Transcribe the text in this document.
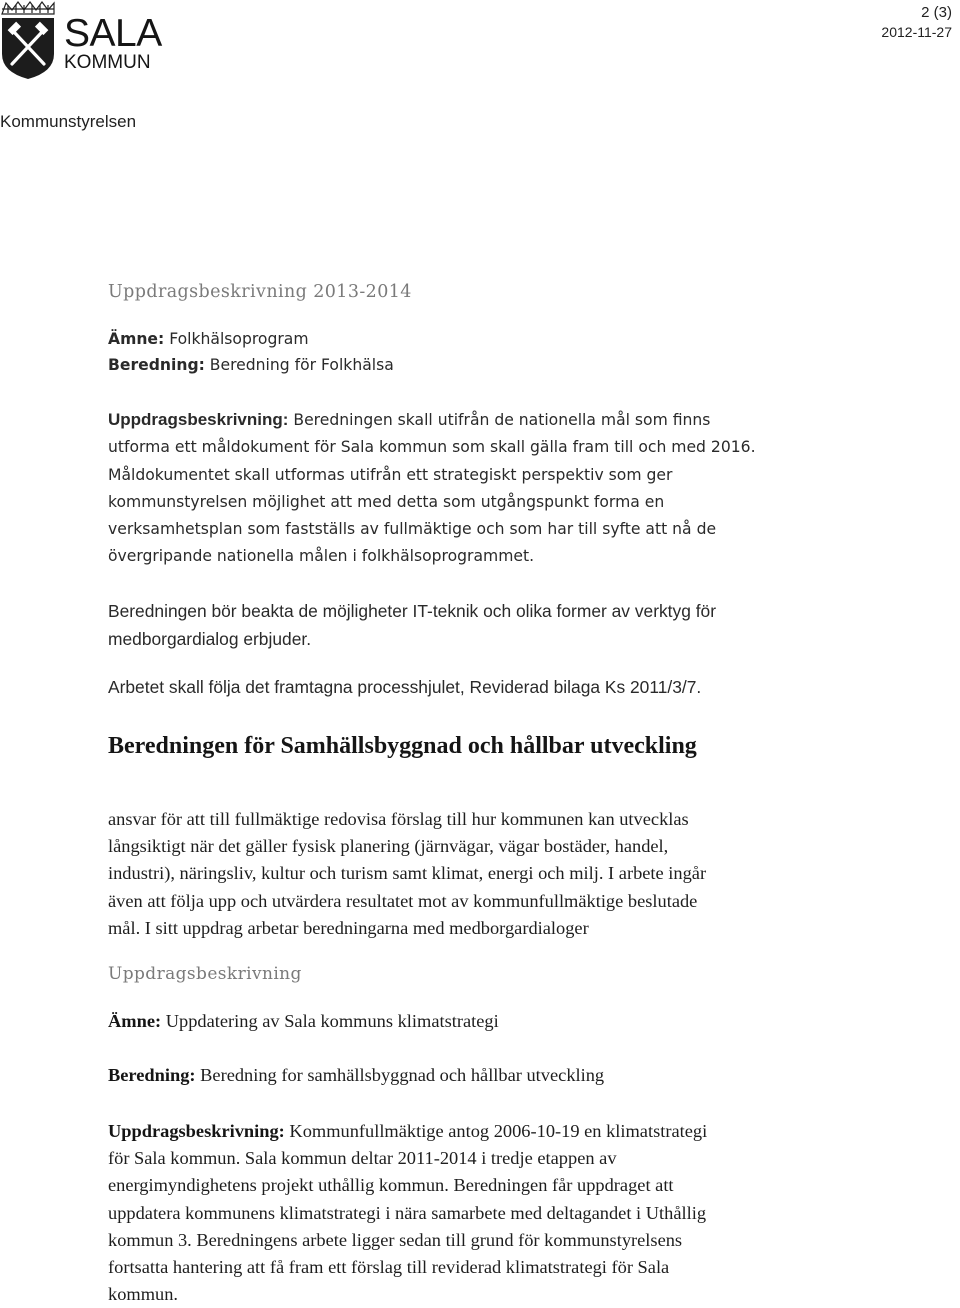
SALA
KOMMUN
2 (3)
2012-11-27
Kommunstyrelsen
Uppdragsbeskrivning 2013-2014
Ämne: Folkhälsoprogram
Beredning: Beredning för Folkhälsa
Uppdragsbeskrivning: Beredningen skall utifrån de nationella mål som finns
utforma ett måldokument för Sala kommun som skall gälla fram till och med 2016.
Måldokumentet skall utformas utifrån ett strategiskt perspektiv som ger
kommunstyrelsen möjlighet att med detta som utgångspunkt forma en
verksamhetsplan som fastställs av fullmäktige och som har till syfte att nå de
övergripande nationella målen i folkhälsoprogrammet.
Beredningen bör beakta de möjligheter IT-teknik och olika former av verktyg för
medborgardialog erbjuder.
Arbetet skall följa det framtagna processhjulet, Reviderad bilaga Ks 2011/3/7.
Beredningen för Samhällsbyggnad och hållbar utveckling

ansvar för att till fullmäktige redovisa förslag till hur kommunen kan utvecklas

långsiktigt när det gäller fysisk planering (järnvägar, vägar bostäder, handel,

industri), näringsliv, kultur och turism samt klimat, energi och milj. I arbete ingår

även att följa upp och utvärdera resultatet mot av kommunfullmäktige beslutade

mål. I sitt uppdrag arbetar beredningarna med medborgardialoger

Uppdragsbeskrivning
Ämne: Uppdatering av Sala kommuns klimatstrategi
Beredning: Beredning for samhällsbyggnad och hållbar utveckling

Uppdragsbeskrivning: Kommunfullmäktige antog 2006-10-19 en klimatstrategi

för Sala kommun. Sala kommun deltar 2011-2014 i tredje etappen av

energimyndighetens projekt uthållig kommun. Beredningen får uppdraget att

uppdatera kommunens klimatstrategi i nära samarbete med deltagandet i Uthållig

kommun 3. Beredningens arbete ligger sedan till grund för kommunstyrelsens

fortsatta hantering att få fram ett förslag till reviderad klimatstrategi för Sala

kommun.
